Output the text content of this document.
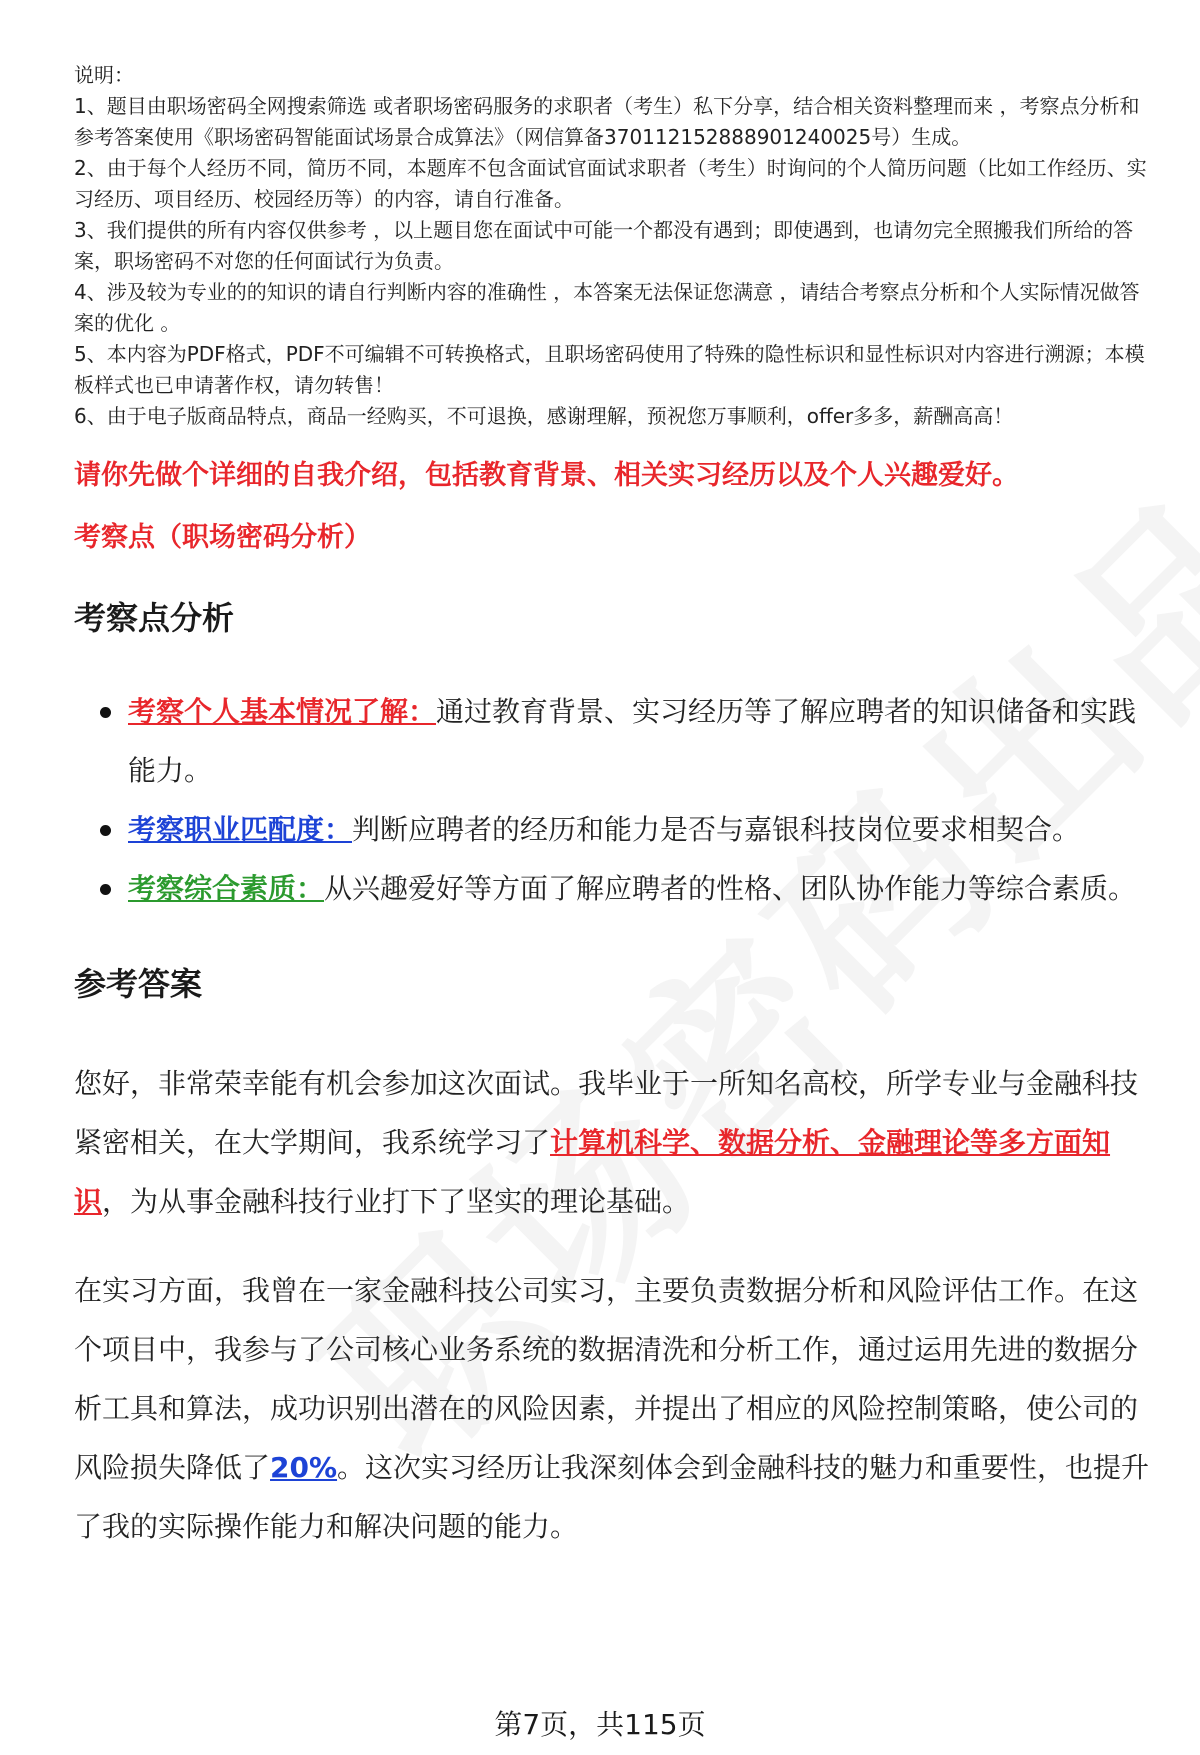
说明：

1、题目由职场密码全网搜索筛选 或者职场密码服务的求职者（考生）私下分享，结合相关资料整理而来 ，考察点分析和参考答案使用《职场密码智能面试场景合成算法》（网信算备370112152888901240025号）生成。

2、由于每个人经历不同，简历不同，本题库不包含面试官面试求职者（考生）时询问的个人简历问题（比如工作经历、实习经历、项目经历、校园经历等）的内容，请自行准备。

3、我们提供的所有内容仅供参考 ，以上题目您在面试中可能一个都没有遇到；即使遇到，也请勿完全照搬我们所给的答案，职场密码不对您的任何面试行为负责。

4、涉及较为专业的的知识的请自行判断内容的准确性 ，本答案无法保证您满意 ，请结合考察点分析和个人实际情况做答案的优化 。

5、本内容为PDF格式，PDF不可编辑不可转换格式，且职场密码使用了特殊的隐性标识和显性标识对内容进行溯源；本模板样式也已申请著作权，请勿转售！

6、由于电子版商品特点，商品一经购买，不可退换，感谢理解，预祝您万事顺利，offer多多，薪酬高高！

请你先做个详细的自我介绍，包括教育背景、相关实习经历以及个人兴趣爱好。
考察点（职场密码分析）
考察点分析
考察个人基本情况了解：通过教育背景、实习经历等了解应聘者的知识储备和实践能力。
考察职业匹配度：判断应聘者的经历和能力是否与嘉银科技岗位要求相契合。
考察综合素质：从兴趣爱好等方面了解应聘者的性格、团队协作能力等综合素质。
参考答案

您好，非常荣幸能有机会参加这次面试。我毕业于一所知名高校，所学专业与金融科技紧密相关，在大学期间，我系统学习了计算机科学、数据分析、金融理论等多方面知识，为从事金融科技行业打下了坚实的理论基础。

在实习方面，我曾在一家金融科技公司实习，主要负责数据分析和风险评估工作。在这个项目中，我参与了公司核心业务系统的数据清洗和分析工作，通过运用先进的数据分析工具和算法，成功识别出潜在的风险因素，并提出了相应的风险控制策略，使公司的风险损失降低了20%。这次实习经历让我深刻体会到金融科技的魅力和重要性，也提升了我的实际操作能力和解决问题的能力。

第7页，共115页
